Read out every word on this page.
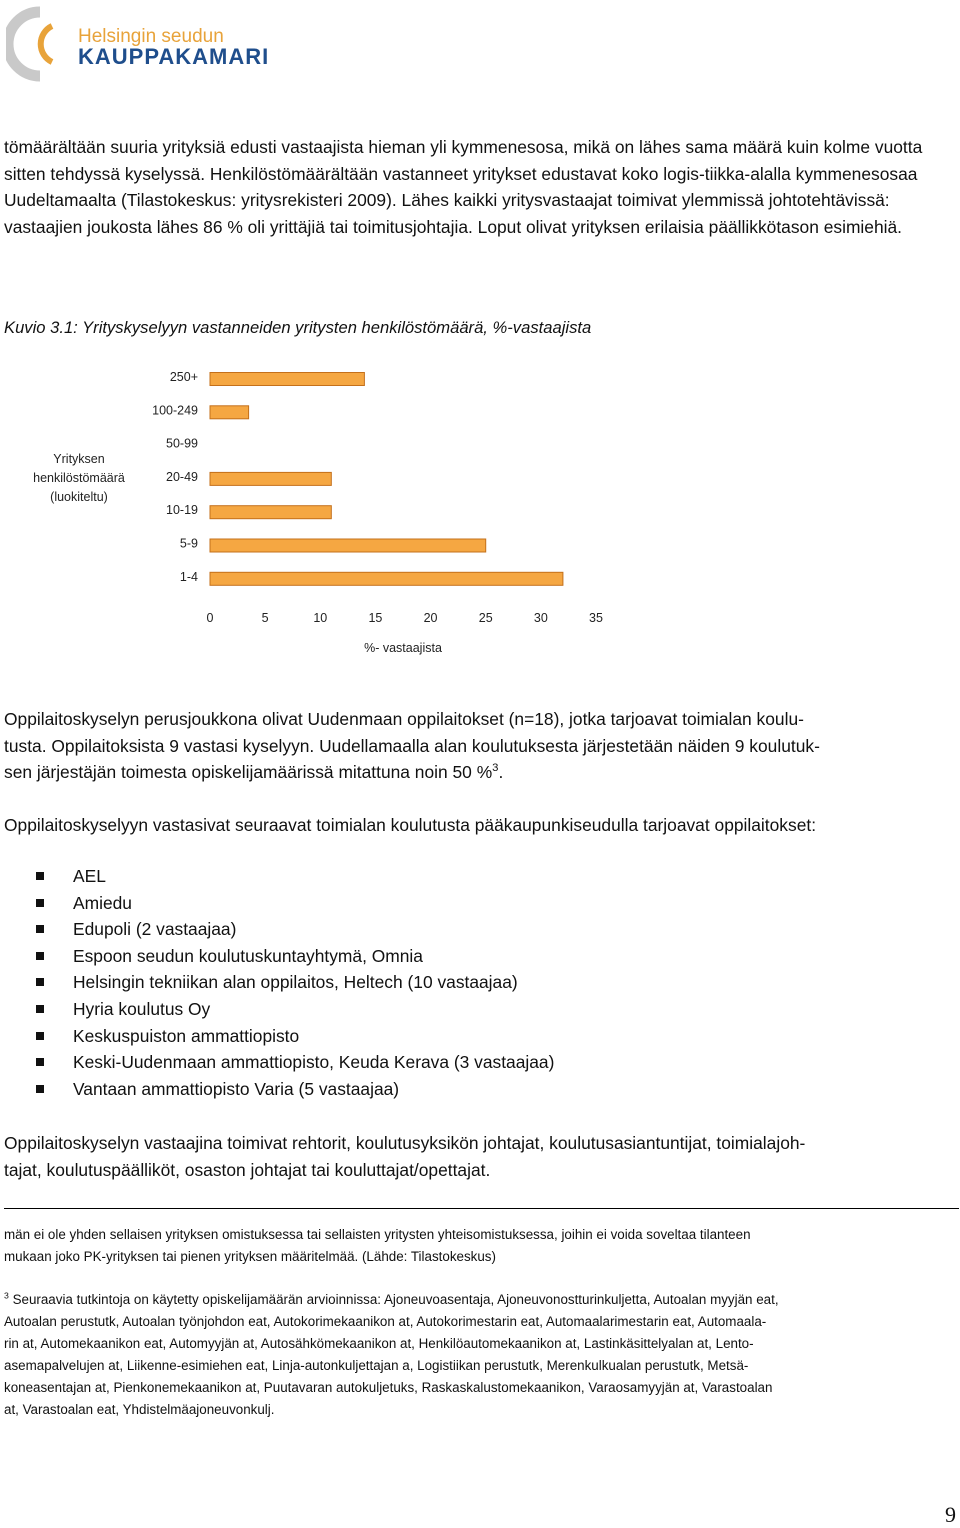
Helsingin seudun
KAUPPAKAMARI

tömäärältään suuria yrityksiä edusti vastaajista hieman yli kymmenesosa, mikä on lähes sama määrä kuin kolme vuotta sitten tehdyssä kyselyssä. Henkilöstömäärältään vastanneet yritykset edustavat koko logis-tiikka-alalla kymmenesosaa Uudeltamaalta (Tilastokeskus: yritysrekisteri 2009). Lähes kaikki yritysvastaajat toimivat ylemmissä johtotehtävissä: vastaajien joukosta lähes 86 % oli yrittäjiä tai toimitusjohtajia. Loput olivat yrityksen erilaisia päällikkötason esimiehiä.

Kuvio 3.1: Yrityskyselyyn vastanneiden yritysten henkilöstömäärä, %-vastaajista

250+
100-249
50-99
20-49
10-19
5-9
1-4
0	5	10	15	20	25	30	35
%- vastaajista
Yrityksen
henkilöstömäärä
(luokiteltu)

Oppilaitoskyselyn perusjoukkona olivat Uudenmaan oppilaitokset (n=18), jotka tarjoavat toimialan koulu-
tusta. Oppilaitoksista 9 vastasi kyselyyn. Uudellamaalla alan koulutuksesta järjestetään näiden 9 koulutuk-
sen järjestäjän toimesta opiskelijamäärissä mitattuna noin 50 %$^3$.

Oppilaitoskyselyyn vastasivat seuraavat toimialan koulutusta pääkaupunkiseudulla tarjoavat oppilaitokset:

AEL
Amiedu
Edupoli (2 vastaajaa)
Espoon seudun koulutuskuntayhtymä, Omnia
Helsingin tekniikan alan oppilaitos, Heltech (10 vastaajaa)
Hyria koulutus Oy
Keskuspuiston ammattiopisto
Keski-Uudenmaan ammattiopisto, Keuda Kerava (3 vastaajaa)
Vantaan ammattiopisto Varia (5 vastaajaa)

Oppilaitoskyselyn vastaajina toimivat rehtorit, koulutusyksikön johtajat, koulutusasiantuntijat, toimialajoh-
tajat, koulutuspäälliköt, osaston johtajat tai kouluttajat/opettajat.

män ei ole yhden sellaisen yrityksen omistuksessa tai sellaisten yritysten yhteisomistuksessa, joihin ei voida soveltaa tilanteen
mukaan joko PK-yrityksen tai pienen yrityksen määritelmää. (Lähde: Tilastokeskus)

$^3$ Seuraavia tutkintoja on käytetty opiskelijamäärän arvioinnissa: Ajoneuvoasentaja, Ajoneuvonostturinkuljetta, Autoalan myyjän eat,
Autoalan perustutk, Autoalan työnjohdon eat, Autokorimekaanikon at, Autokorimestarin eat, Automaalarimestarin eat, Automaala-
rin at, Automekaanikon eat, Automyyjän at, Autosähkömekaanikon at, Henkilöautomekaanikon at, Lastinkäsittelyalan at, Lento-
asemapalvelujen at, Liikenne-esimiehen eat, Linja-autonkuljettajan a, Logistiikan perustutk, Merenkulkualan perustutk, Metsä-
koneasentajan at, Pienkonemekaanikon at, Puutavaran autokuljetuks, Raskaskalustomekaanikon, Varaosamyyjän at, Varastoalan
at, Varastoalan eat, Yhdistelmäajoneuvonkulj.

9
